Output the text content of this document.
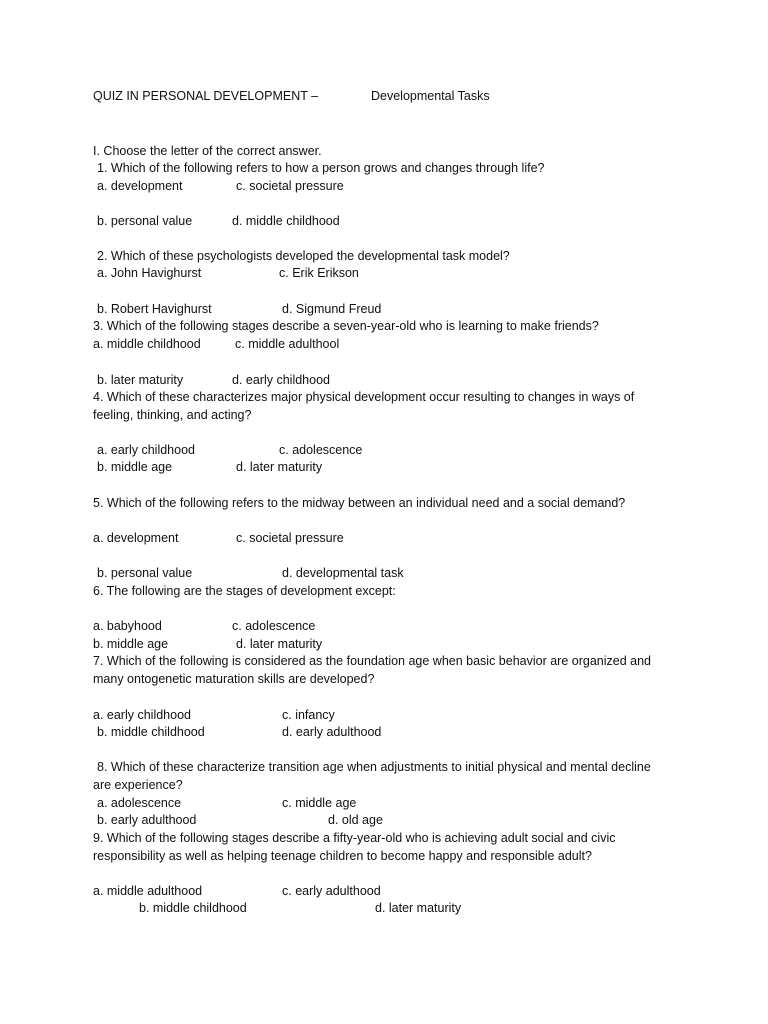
QUIZ IN PERSONAL DEVELOPMENT –	Developmental Tasks
I. Choose the letter of the correct answer.
1. Which of the following refers to how a person grows and changes through life?
a. development	c. societal pressure
b. personal value	d. middle childhood
2. Which of these psychologists developed the developmental task model?
a. John Havighurst	c. Erik Erikson
b. Robert Havighurst	d. Sigmund Freud
3. Which of the following stages describe a seven-year-old who is learning to make friends?
a. middle childhood	c. middle adulthool
b. later maturity	d. early childhood
4. Which of these characterizes major physical development occur resulting to changes in ways of
feeling, thinking, and acting?
a. early childhood	c. adolescence
b. middle age	d. later maturity
5. Which of the following refers to the midway between an individual need and a social demand?
a. development	c. societal pressure
b. personal value	d. developmental task
6. The following are the stages of development except:
a. babyhood	c. adolescence
b. middle age	d. later maturity
7. Which of the following is considered as the foundation age when basic behavior are organized and
many ontogenetic maturation skills are developed?
a. early childhood	c. infancy
b. middle childhood	d. early adulthood
8. Which of these characterize transition age when adjustments to initial physical and mental decline
are experience?
a. adolescence	c. middle age
b. early adulthood	d. old age
9. Which of the following stages describe a fifty-year-old who is achieving adult social and civic
responsibility as well as helping teenage children to become happy and responsible adult?
a. middle adulthood	c. early adulthood
b. middle childhood	d. later maturity
